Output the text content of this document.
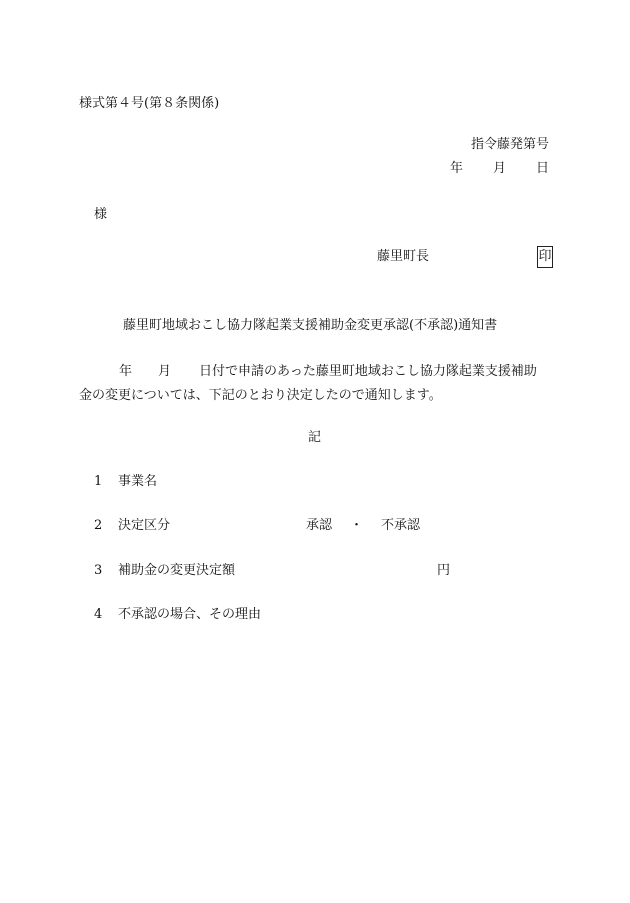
様式第４号(第８条関係)
指令藤発第号
年 月 日
様
藤里町長	印
藤里町地域おこし協力隊起業支援補助金変更承認(不承認)通知書
年 月 日付で申請のあった藤里町地域おこし協力隊起業支援補助
金の変更については、下記のとおり決定したので通知します。
記
1 事業名
2 決定区分	承認 ・ 不承認
3 補助金の変更決定額	円
4 不承認の場合、その理由
